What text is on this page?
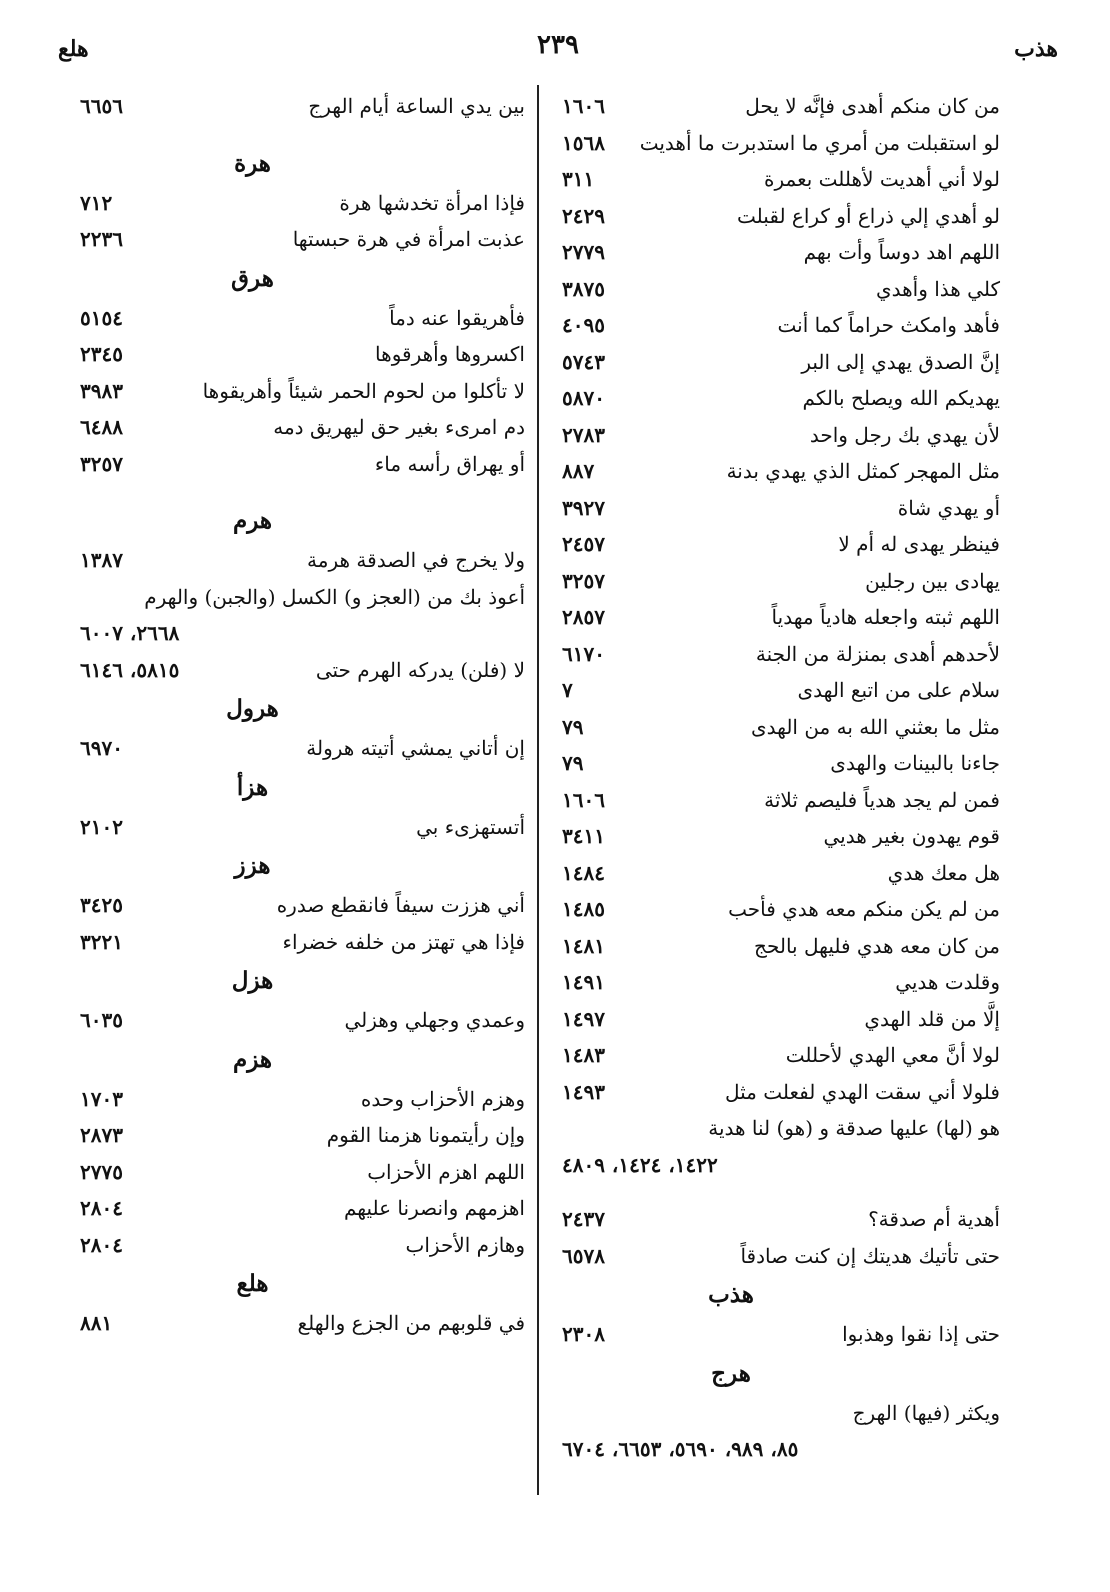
هلع	٢٣٩	هذب
من كان منكم أهدى فإنَّه لا يحل
١٦٠٦
لو استقبلت من أمري ما استدبرت ما أهديت
١٥٦٨
لولا أني أهديت لأهللت بعمرة
٣١١
لو أهدي إلي ذراع أو كراع لقبلت
٢٤٢٩
اللهم اهد دوساً وأت بهم
٢٧٧٩
كلي هذا وأهدي
٣٨٧٥
فأهد وامكث حراماً كما أنت
٤٠٩٥
إنَّ الصدق يهدي إلى البر
٥٧٤٣
يهديكم الله ويصلح بالكم
٥٨٧٠
لأن يهدي بك رجل واحد
٢٧٨٣
مثل المهجر كمثل الذي يهدي بدنة
٨٨٧
أو يهدي شاة
٣٩٢٧
فينظر يهدى له أم لا
٢٤٥٧
يهادى بين رجلين
٣٢٥٧
اللهم ثبته واجعله هادياً مهدياً
٢٨٥٧
لأحدهم أهدى بمنزلة من الجنة
٦١٧٠
سلام على من اتبع الهدى
٧
مثل ما بعثني الله به من الهدى
٧٩
جاءنا بالبينات والهدى
٧٩
فمن لم يجد هدياً فليصم ثلاثة
١٦٠٦
قوم يهدون بغير هديي
٣٤١١
هل معك هدي
١٤٨٤
من لم يكن منكم معه هدي فأحب
١٤٨٥
من كان معه هدي فليهل بالحج
١٤٨١
وقلدت هديي
١٤٩١
إلَّا من قلد الهدي
١٤٩٧
لولا أنَّ معي الهدي لأحللت
١٤٨٣
فلولا أني سقت الهدي لفعلت مثل
١٤٩٣
هو (لها) عليها صدقة و (هو) لنا هدية
١٤٢٢، ١٤٢٤، ٤٨٠٩
أهدية أم صدقة؟
٢٤٣٧
حتى تأتيك هديتك إن كنت صادقاً
٦٥٧٨
هذب
حتى إذا نقوا وهذبوا
٢٣٠٨
هرج
ويكثر (فيها) الهرج
٨٥، ٩٨٩، ٥٦٩٠، ٦٦٥٣، ٦٧٠٤
بين يدي الساعة أيام الهرج
٦٦٥٦
هرة
فإذا امرأة تخدشها هرة
٧١٢
عذبت امرأة في هرة حبستها
٢٢٣٦
هرق
فأهريقوا عنه دماً
٥١٥٤
اكسروها وأهرقوها
٢٣٤٥
لا تأكلوا من لحوم الحمر شيئاً وأهريقوها
٣٩٨٣
دم امرىء بغير حق ليهريق دمه
٦٤٨٨
أو يهراق رأسه ماء
٣٢٥٧
هرم
ولا يخرج في الصدقة هرمة
١٣٨٧
أعوذ بك من (العجز و) الكسل (والجبن) والهرم
٢٦٦٨، ٦٠٠٧
لا (فلن) يدركه الهرم حتى
٥٨١٥، ٦١٤٦
هرول
إن أتاني يمشي أتيته هرولة
٦٩٧٠
هزأ
أتستهزىء بي
٢١٠٢
هزز
أني هززت سيفاً فانقطع صدره
٣٤٢٥
فإذا هي تهتز من خلفه خضراء
٣٢٢١
هزل
وعمدي وجهلي وهزلي
٦٠٣٥
هزم
وهزم الأحزاب وحده
١٧٠٣
وإن رأيتمونا هزمنا القوم
٢٨٧٣
اللهم اهزم الأحزاب
٢٧٧٥
اهزمهم وانصرنا عليهم
٢٨٠٤
وهازم الأحزاب
٢٨٠٤
هلع
في قلوبهم من الجزع والهلع
٨٨١
